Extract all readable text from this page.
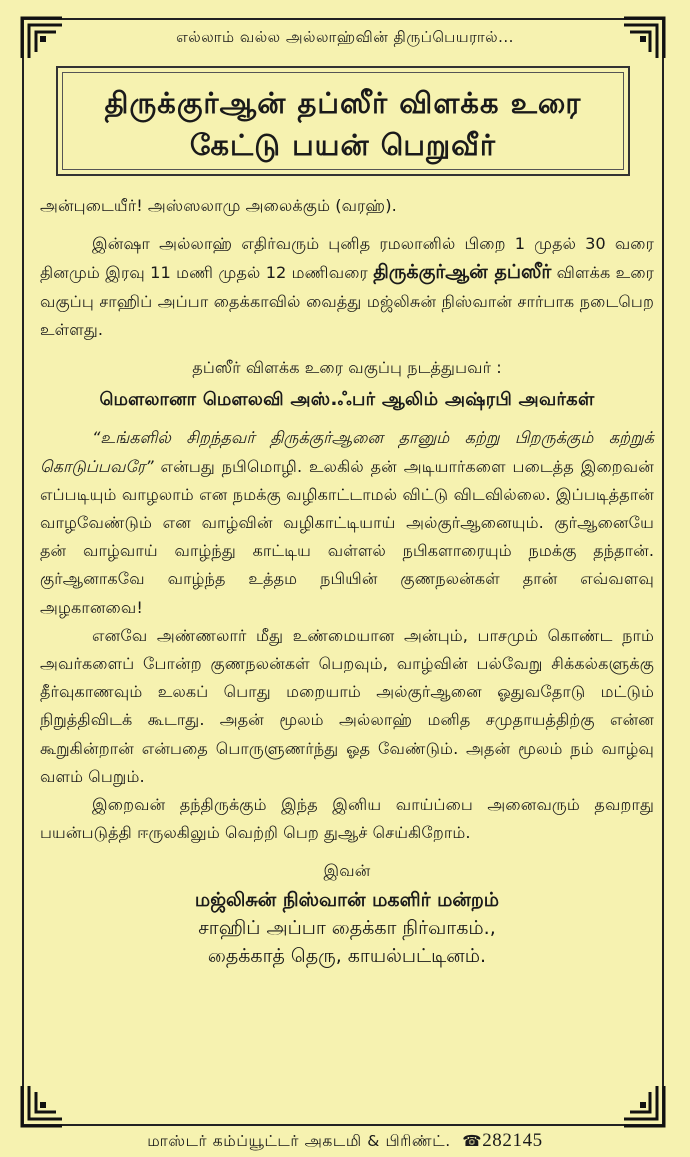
எல்லாம் வல்ல அல்லாஹ்வின் திருப்பெயரால்...
திருக்குர்ஆன் தப்ஸீர் விளக்க உரை
கேட்டு பயன் பெறுவீர்

அன்புடையீர்! அஸ்ஸலாமு அலைக்கும் (வரஹ்).

இன்ஷா அல்லாஹ் எதிர்வரும் புனித ரமலானில் பிறை 1 முதல் 30 வரை தினமும் இரவு 11 மணி முதல் 12 மணிவரை திருக்குர்ஆன் தப்ஸீர் விளக்க உரை வகுப்பு சாஹிப் அப்பா தைக்காவில் வைத்து மஜ்லிசுன் நிஸ்வான் சார்பாக நடைபெற உள்ளது.

தப்ஸீர் விளக்க உரை வகுப்பு நடத்துபவர் :

மௌலானா மௌலவி அஸ்.ஃபர் ஆலிம் அஷ்ரபி அவர்கள்

“உங்களில் சிறந்தவர் திருக்குர்ஆனை தானும் கற்று பிறருக்கும் கற்றுக் கொடுப்பவரே” என்பது நபிமொழி. உலகில் தன் அடியார்களை படைத்த இறைவன் எப்படியும் வாழலாம் என நமக்கு வழிகாட்டாமல் விட்டு விடவில்லை. இப்படித்தான் வாழவேண்டும் என வாழ்வின் வழிகாட்டியாய் அல்குர்ஆனையும். குர்ஆனையே தன் வாழ்வாய் வாழ்ந்து காட்டிய வள்ளல் நபிகளாரையும் நமக்கு தந்தான். குர்ஆனாகவே வாழ்ந்த உத்தம நபியின் குணநலன்கள் தான் எவ்வளவு அழகானவை!

எனவே அண்ணலார் மீது உண்மையான அன்பும், பாசமும் கொண்ட நாம் அவர்களைப் போன்ற குணநலன்கள் பெறவும், வாழ்வின் பல்வேறு சிக்கல்களுக்கு தீர்வுகாணவும் உலகப் பொது மறையாம் அல்குர்ஆனை ஓதுவதோடு மட்டும் நிறுத்திவிடக் கூடாது. அதன் மூலம் அல்லாஹ் மனித சமுதாயத்திற்கு என்ன கூறுகின்றான் என்பதை பொருளுணர்ந்து ஓத வேண்டும். அதன் மூலம் நம் வாழ்வு வளம் பெறும்.

இறைவன் தந்திருக்கும் இந்த இனிய வாய்ப்பை அனைவரும் தவறாது பயன்படுத்தி ஈருலகிலும் வெற்றி பெற துஆச் செய்கிறோம்.

இவன்

மஜ்லிசுன் நிஸ்வான் மகளிர் மன்றம்

சாஹிப் அப்பா தைக்கா நிர்வாகம்.,

தைக்காத் தெரு, காயல்பட்டினம்.

மாஸ்டர் கம்ப்யூட்டர் அகடமி & பிரிண்ட். ☎282145
